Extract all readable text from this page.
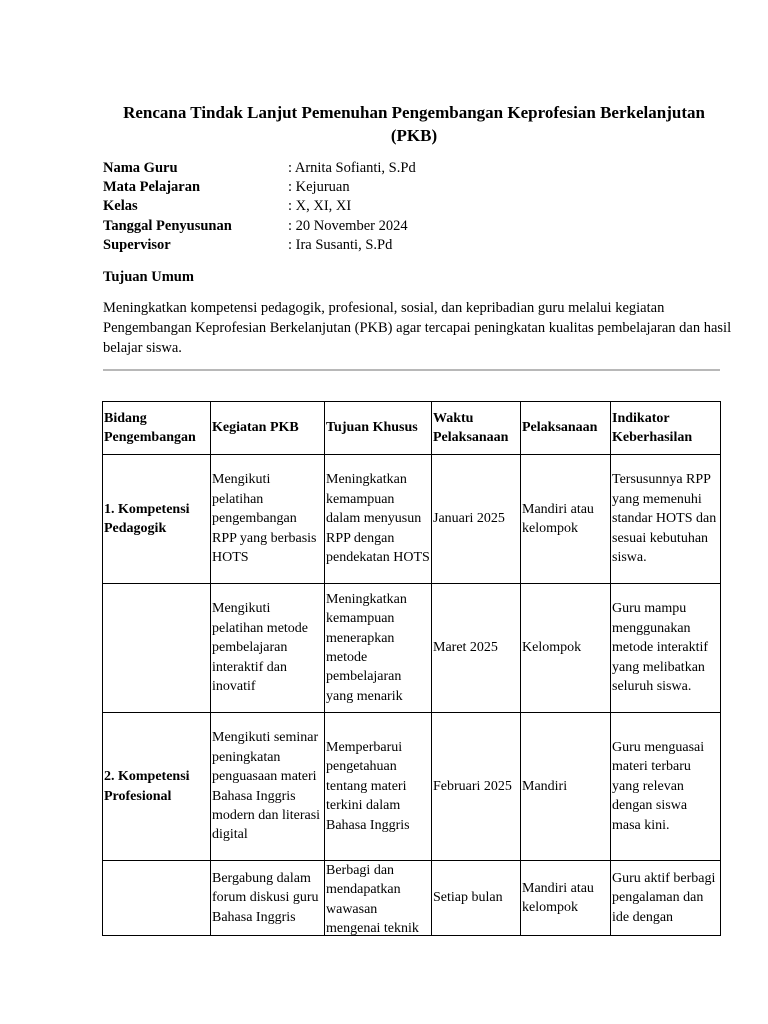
Rencana Tindak Lanjut Pemenuhan Pengembangan Keprofesian Berkelanjutan (PKB)
Nama Guru	: Arnita Sofianti, S.Pd
Mata Pelajaran	: Kejuruan
Kelas	: X, XI, XI
Tanggal Penyusunan	: 20 November 2024
Supervisor	: Ira Susanti, S.Pd
Tujuan Umum
Meningkatkan kompetensi pedagogik, profesional, sosial, dan kepribadian guru melalui kegiatan Pengembangan Keprofesian Berkelanjutan (PKB) agar tercapai peningkatan kualitas pembelajaran dan hasil belajar siswa.
Bidang Pengembangan	Kegiatan PKB	Tujuan Khusus	Waktu Pelaksanaan	Pelaksanaan	Indikator Keberhasilan
1. Kompetensi Pedagogik	Mengikuti pelatihan pengembangan RPP yang berbasis HOTS	Meningkatkan kemampuan dalam menyusun RPP dengan pendekatan HOTS	Januari 2025	Mandiri atau kelompok	Tersusunnya RPP yang memenuhi standar HOTS dan sesuai kebutuhan siswa.
	Mengikuti pelatihan metode pembelajaran interaktif dan inovatif	Meningkatkan kemampuan menerapkan metode pembelajaran yang menarik	Maret 2025	Kelompok	Guru mampu menggunakan metode interaktif yang melibatkan seluruh siswa.
2. Kompetensi Profesional	Mengikuti seminar peningkatan penguasaan materi Bahasa Inggris modern dan literasi digital	Memperbarui pengetahuan tentang materi terkini dalam Bahasa Inggris	Februari 2025	Mandiri	Guru menguasai materi terbaru yang relevan dengan siswa masa kini.

	Bergabung dalam forum diskusi guru Bahasa Inggris	Berbagi dan mendapatkan wawasan mengenai teknik	Setiap bulan	Mandiri atau kelompok	Guru aktif berbagi pengalaman dan ide dengan
